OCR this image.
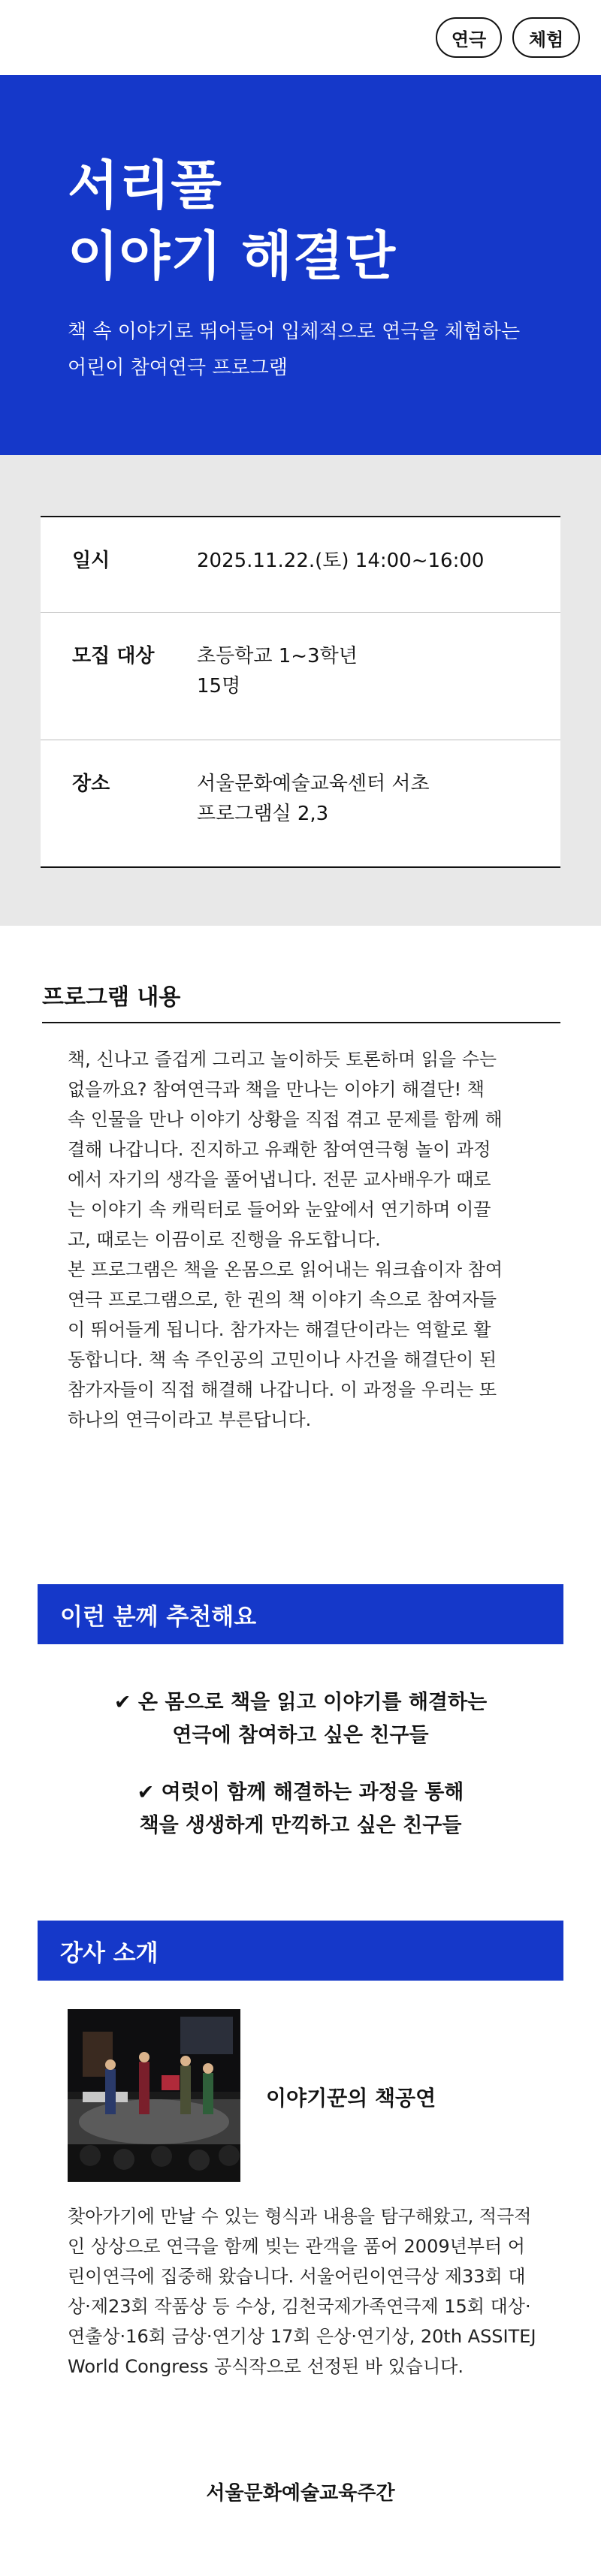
연극	체험
서리풀
이야기 해결단
책 속 이야기로 뛰어들어 입체적으로 연극을 체험하는
어린이 참여연극 프로그램
일시	2025.11.22.(토) 14:00~16:00
모집 대상	초등학교 1~3학년
15명
장소	서울문화예술교육센터 서초
프로그램실 2,3
프로그램 내용
책, 신나고 즐겁게 그리고 놀이하듯 토론하며 읽을 수는
없을까요? 참여연극과 책을 만나는 이야기 해결단! 책
속 인물을 만나 이야기 상황을 직접 겪고 문제를 함께 해
결해 나갑니다. 진지하고 유쾌한 참여연극형 놀이 과정
에서 자기의 생각을 풀어냅니다. 전문 교사배우가 때로
는 이야기 속 캐릭터로 들어와 눈앞에서 연기하며 이끌
고, 때로는 이끔이로 진행을 유도합니다.
본 프로그램은 책을 온몸으로 읽어내는 워크숍이자 참여
연극 프로그램으로, 한 권의 책 이야기 속으로 참여자들
이 뛰어들게 됩니다. 참가자는 해결단이라는 역할로 활
동합니다. 책 속 주인공의 고민이나 사건을 해결단이 된
참가자들이 직접 해결해 나갑니다. 이 과정을 우리는 또
하나의 연극이라고 부른답니다.
이런 분께 추천해요
✔ 온 몸으로 책을 읽고 이야기를 해결하는
연극에 참여하고 싶은 친구들
✔ 여럿이 함께 해결하는 과정을 통해
책을 생생하게 만끽하고 싶은 친구들
강사 소개
이야기꾼의 책공연
찾아가기에 만날 수 있는 형식과 내용을 탐구해왔고, 적극적
인 상상으로 연극을 함께 빚는 관객을 품어 2009년부터 어
린이연극에 집중해 왔습니다. 서울어린이연극상 제33회 대
상·제23회 작품상 등 수상, 김천국제가족연극제 15회 대상·
연출상·16회 금상·연기상 17회 은상·연기상, 20th ASSITEJ
World Congress 공식작으로 선정된 바 있습니다.
서울문화예술교육주간
